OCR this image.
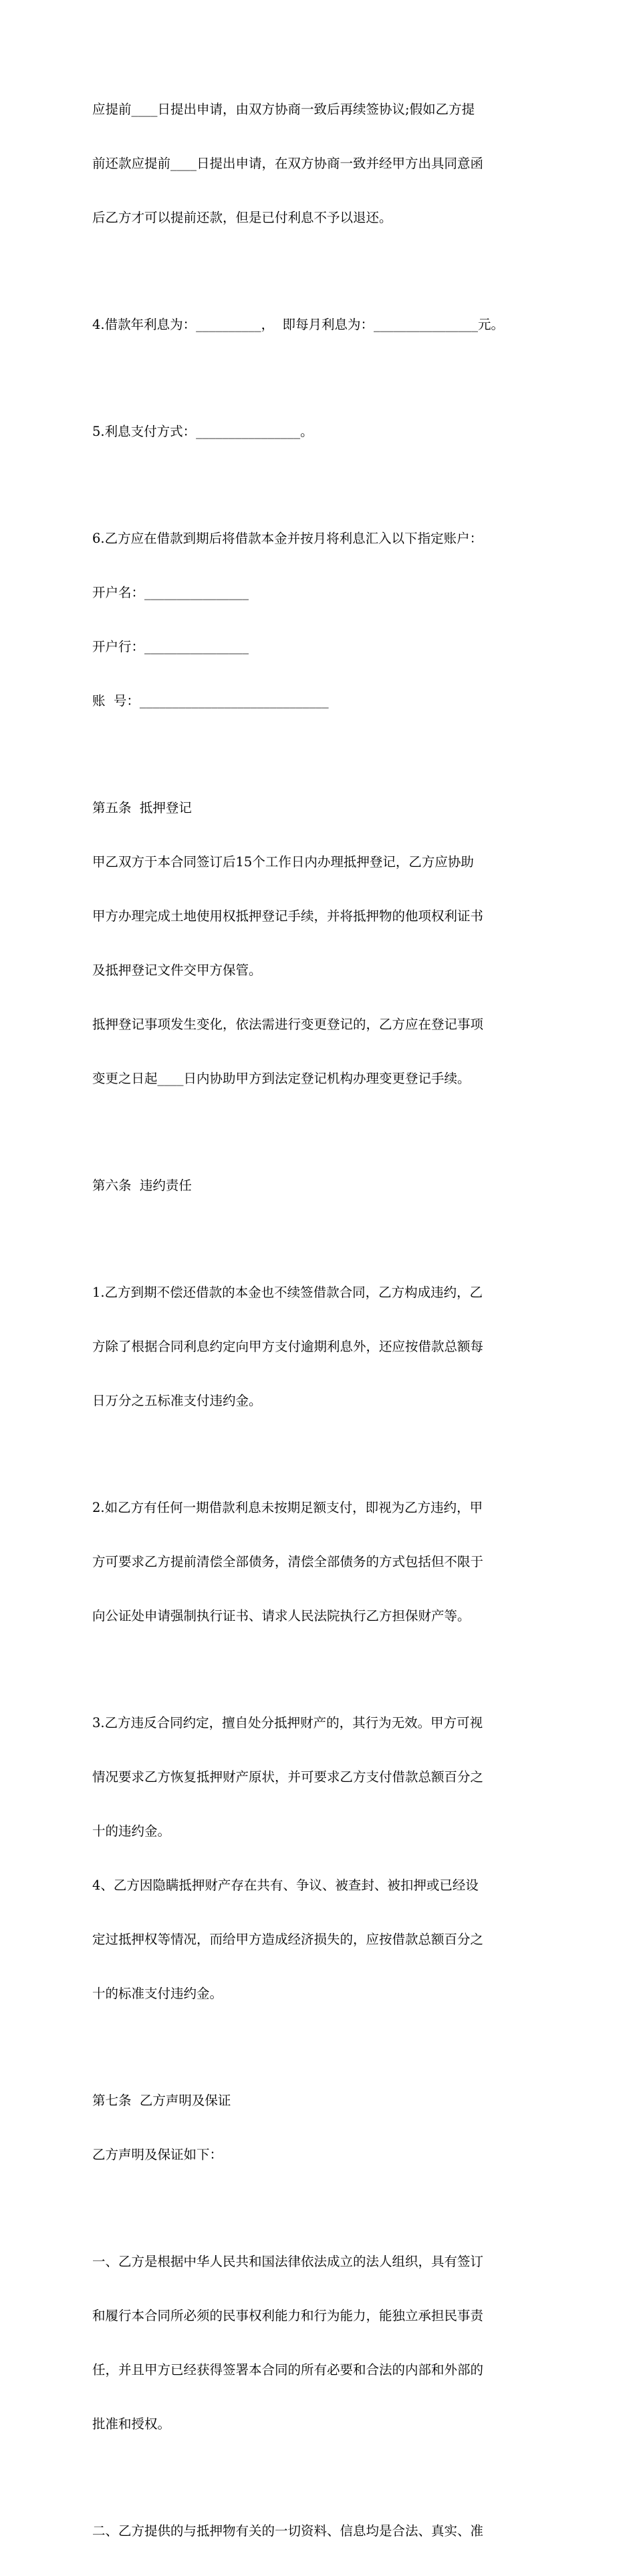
应提前____日提出申请，由双方协商一致后再续签协议;假如乙方提

前还款应提前____日提出申请，在双方协商一致并经甲方出具同意函

后乙方才可以提前还款，但是已付利息不予以退还。

4.借款年利息为：__________，  即每月利息为：________________元。

5.利息支付方式：________________。

6.乙方应在借款到期后将借款本金并按月将利息汇入以下指定账户：

开户名：________________

开户行：________________

账  号：_____________________________

第五条  抵押登记

甲乙双方于本合同签订后15个工作日内办理抵押登记，乙方应协助

甲方办理完成土地使用权抵押登记手续，并将抵押物的他项权利证书

及抵押登记文件交甲方保管。

抵押登记事项发生变化，依法需进行变更登记的，乙方应在登记事项

变更之日起____日内协助甲方到法定登记机构办理变更登记手续。

第六条  违约责任

1.乙方到期不偿还借款的本金也不续签借款合同，乙方构成违约，乙

方除了根据合同利息约定向甲方支付逾期利息外，还应按借款总额每

日万分之五标准支付违约金。

2.如乙方有任何一期借款利息未按期足额支付，即视为乙方违约，甲

方可要求乙方提前清偿全部债务，清偿全部债务的方式包括但不限于

向公证处申请强制执行证书、请求人民法院执行乙方担保财产等。

3.乙方违反合同约定，擅自处分抵押财产的，其行为无效。甲方可视

情况要求乙方恢复抵押财产原状，并可要求乙方支付借款总额百分之

十的违约金。

4、乙方因隐瞒抵押财产存在共有、争议、被查封、被扣押或已经设

定过抵押权等情况，而给甲方造成经济损失的，应按借款总额百分之

十的标准支付违约金。

第七条  乙方声明及保证

乙方声明及保证如下：

一、乙方是根据中华人民共和国法律依法成立的法人组织，具有签订

和履行本合同所必须的民事权利能力和行为能力，能独立承担民事责

任，并且甲方已经获得签署本合同的所有必要和合法的内部和外部的

批准和授权。

二、乙方提供的与抵押物有关的一切资料、信息均是合法、真实、准
